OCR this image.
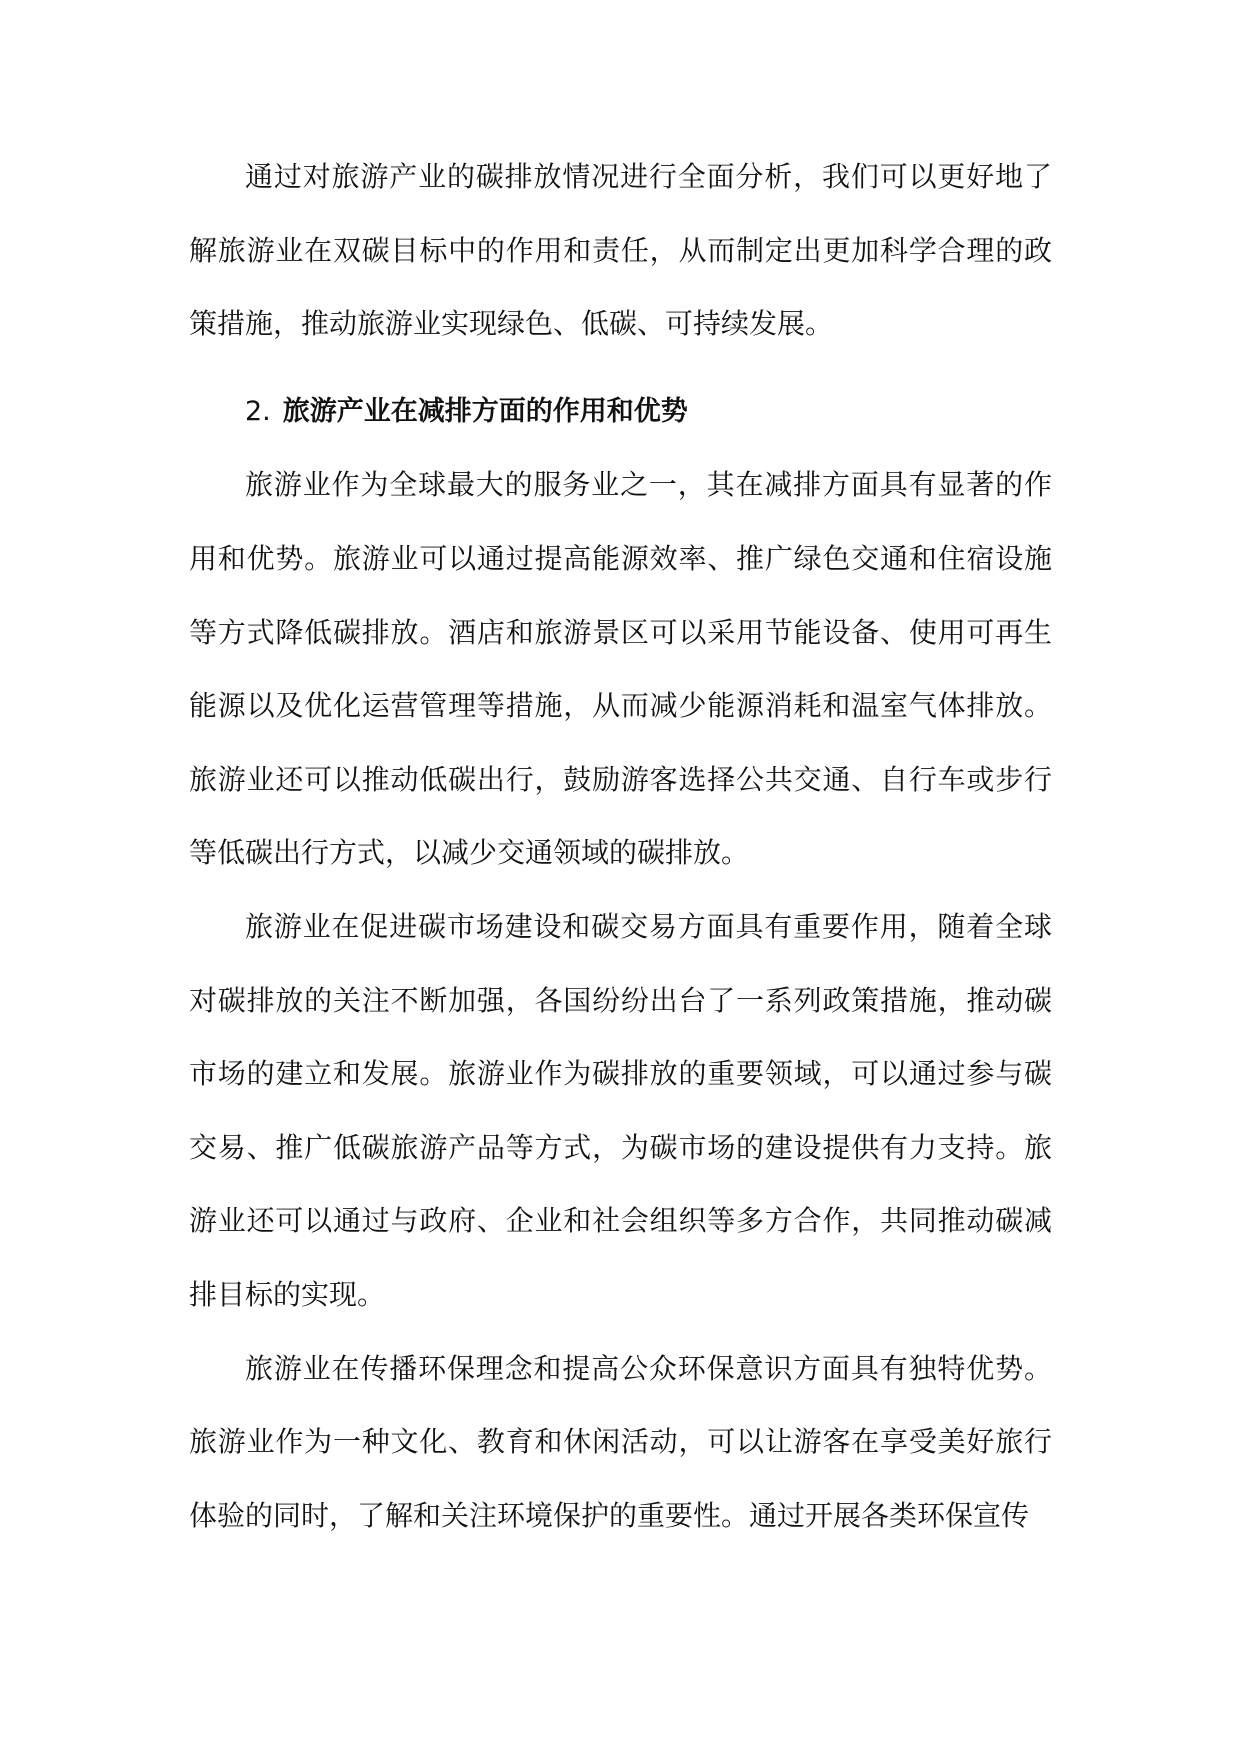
通过对旅游产业的碳排放情况进行全面分析，我们可以更好地了解旅游业在双碳目标中的作用和责任，从而制定出更加科学合理的政策措施，推动旅游业实现绿色、低碳、可持续发展。

2. 旅游产业在减排方面的作用和优势

旅游业作为全球最大的服务业之一，其在减排方面具有显著的作用和优势。旅游业可以通过提高能源效率、推广绿色交通和住宿设施等方式降低碳排放。酒店和旅游景区可以采用节能设备、使用可再生能源以及优化运营管理等措施，从而减少能源消耗和温室气体排放。旅游业还可以推动低碳出行，鼓励游客选择公共交通、自行车或步行等低碳出行方式，以减少交通领域的碳排放。

旅游业在促进碳市场建设和碳交易方面具有重要作用，随着全球对碳排放的关注不断加强，各国纷纷出台了一系列政策措施，推动碳市场的建立和发展。旅游业作为碳排放的重要领域，可以通过参与碳交易、推广低碳旅游产品等方式，为碳市场的建设提供有力支持。旅游业还可以通过与政府、企业和社会组织等多方合作，共同推动碳减排目标的实现。

旅游业在传播环保理念和提高公众环保意识方面具有独特优势。旅游业作为一种文化、教育和休闲活动，可以让游客在享受美好旅行体验的同时，了解和关注环境保护的重要性。通过开展各类环保宣传
